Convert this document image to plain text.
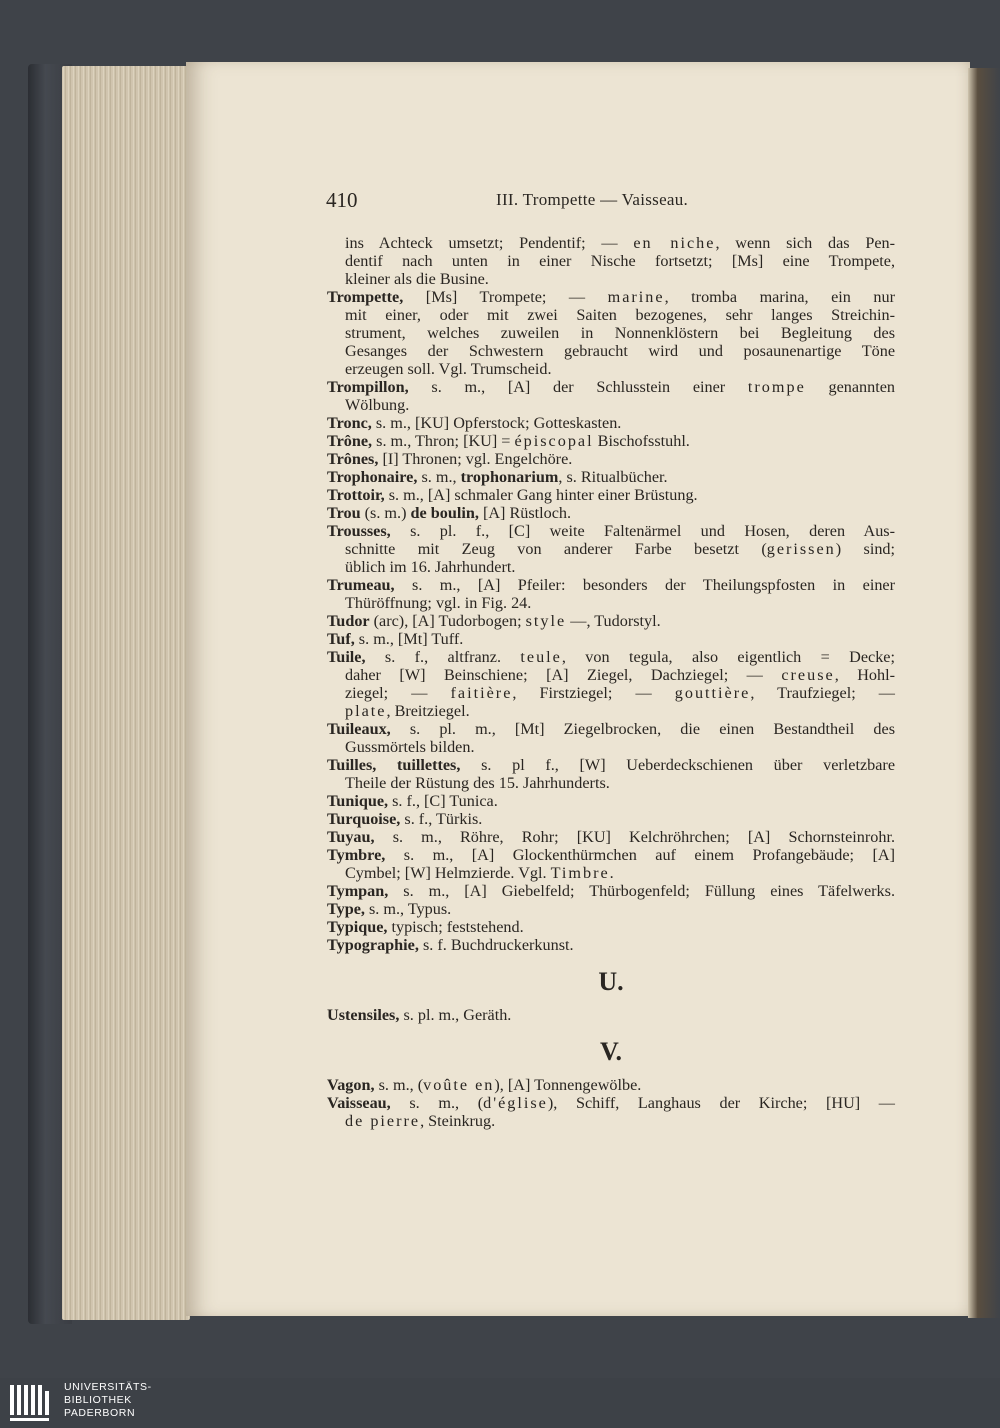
410	III. Trompette — Vaisseau.
ins Achteck umsetzt; Pendentif; — en niche, wenn sich das Pen-
dentif nach unten in einer Nische fortsetzt; [Ms] eine Trompete,
kleiner als die Busine.
Trompette, [Ms] Trompete; — marine, tromba marina, ein nur
mit einer, oder mit zwei Saiten bezogenes, sehr langes Streichin-
strument, welches zuweilen in Nonnenklöstern bei Begleitung des
Gesanges der Schwestern gebraucht wird und posaunenartige Töne
erzeugen soll. Vgl. Trumscheid.
Trompillon, s. m., [A] der Schlusstein einer trompe genannten
Wölbung.
Tronc, s. m., [KU] Opferstock; Gotteskasten.
Trône, s. m., Thron; [KU] = épiscopal Bischofsstuhl.
Trônes, [I] Thronen; vgl. Engelchöre.
Trophonaire, s. m., trophonarium, s. Ritualbücher.
Trottoir, s. m., [A] schmaler Gang hinter einer Brüstung.
Trou (s. m.) de boulin, [A] Rüstloch.
Trousses, s. pl. f., [C] weite Faltenärmel und Hosen, deren Aus-
schnitte mit Zeug von anderer Farbe besetzt (gerissen) sind;
üblich im 16. Jahrhundert.
Trumeau, s. m., [A] Pfeiler: besonders der Theilungspfosten in einer
Thüröffnung; vgl. in Fig. 24.
Tudor (arc), [A] Tudorbogen; style —, Tudorstyl.
Tuf, s. m., [Mt] Tuff.
Tuile, s. f., altfranz. teule, von tegula, also eigentlich = Decke;
daher [W] Beinschiene; [A] Ziegel, Dachziegel; — creuse, Hohl-
ziegel; — faitière, Firstziegel; — gouttière, Traufziegel; —
plate, Breitziegel.
Tuileaux, s. pl. m., [Mt] Ziegelbrocken, die einen Bestandtheil des
Gussmörtels bilden.
Tuilles, tuillettes, s. pl f., [W] Ueberdeckschienen über verletzbare
Theile der Rüstung des 15. Jahrhunderts.
Tunique, s. f., [C] Tunica.
Turquoise, s. f., Türkis.
Tuyau, s. m., Röhre, Rohr; [KU] Kelchröhrchen; [A] Schornsteinrohr.
Tymbre, s. m., [A] Glockenthürmchen auf einem Profangebäude; [A]
Cymbel; [W] Helmzierde. Vgl. Timbre.
Tympan, s. m., [A] Giebelfeld; Thürbogenfeld; Füllung eines Täfelwerks.
Type, s. m., Typus.
Typique, typisch; feststehend.
Typographie, s. f. Buchdruckerkunst.
U.
Ustensiles, s. pl. m., Geräth.
V.
Vagon, s. m., (voûte en), [A] Tonnengewölbe.
Vaisseau, s. m., (d'église), Schiff, Langhaus der Kirche; [HU] —
de pierre, Steinkrug.
UNIVERSITÄTS-
BIBLIOTHEK
PADERBORN
